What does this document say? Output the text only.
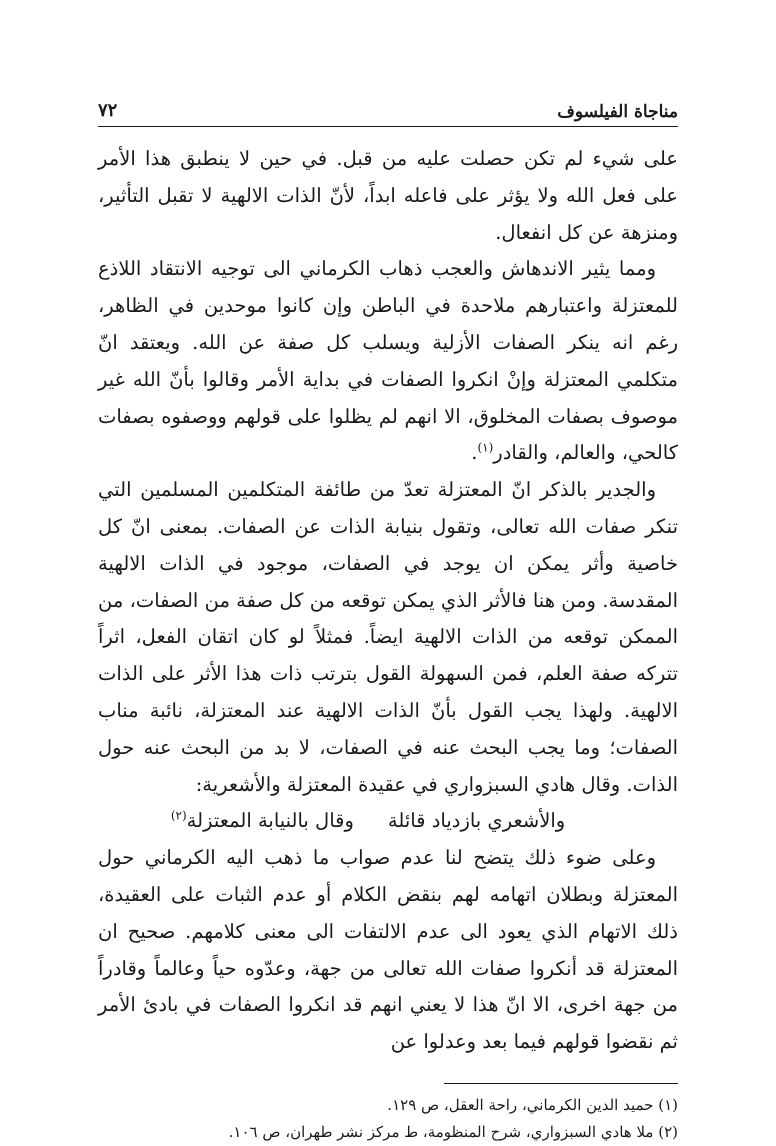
مناجاة الفيلسوف
٧٢

على شيء لم تكن حصلت عليه من قبل. في حين لا ينطبق هذا الأمر على فعل الله ولا يؤثر على فاعله ابداً، لأنّ الذات الالهية لا تقبل التأثير، ومنزهة عن كل انفعال.

ومما يثير الاندهاش والعجب ذهاب الكرماني الى توجيه الانتقاد اللاذع للمعتزلة واعتبارهم ملاحدة في الباطن وإن كانوا موحدين في الظاهر، رغم انه ينكر الصفات الأزلية ويسلب كل صفة عن الله. ويعتقد انّ متكلمي المعتزلة وإنْ انكروا الصفات في بداية الأمر وقالوا بأنّ الله غير موصوف بصفات المخلوق، الا انهم لم يظلوا على قولهم ووصفوه بصفات كالحي، والعالم، والقادر$^{(١)}$.

والجدير بالذكر انّ المعتزلة تعدّ من طائفة المتكلمين المسلمين التي تنكر صفات الله تعالى، وتقول بنيابة الذات عن الصفات. بمعنى انّ كل خاصية وأثر يمكن ان يوجد في الصفات، موجود في الذات الالهية المقدسة. ومن هنا فالأثر الذي يمكن توقعه من كل صفة من الصفات، من الممكن توقعه من الذات الالهية ايضاً. فمثلاً لو كان اتقان الفعل، اثراً تتركه صفة العلم، فمن السهولة القول بترتب ذات هذا الأثر على الذات الالهية. ولهذا يجب القول بأنّ الذات الالهية عند المعتزلة، نائبة مناب الصفات؛ وما يجب البحث عنه في الصفات، لا بد من البحث عنه حول الذات. وقال هادي السبزواري في عقيدة المعتزلة والأشعرية:

والأشعري بازدياد قائلة
وقال بالنيابة المعتزلة$^{(٢)}$

وعلى ضوء ذلك يتضح لنا عدم صواب ما ذهب اليه الكرماني حول المعتزلة وبطلان اتهامه لهم بنقض الكلام أو عدم الثبات على العقيدة، ذلك الاتهام الذي يعود الى عدم الالتفات الى معنى كلامهم. صحيح ان المعتزلة قد أنكروا صفات الله تعالى من جهة، وعدّوه حياً وعالماً وقادراً من جهة اخرى، الا انّ هذا لا يعني انهم قد انكروا الصفات في بادئ الأمر ثم نقضوا قولهم فيما بعد وعدلوا عن

(١) حميد الدين الكرماني، راحة العقل، ص ١٢٩.
(٢) ملا هادي السبزواري، شرح المنظومة، ط مركز نشر طهران، ص ١٠٦.
